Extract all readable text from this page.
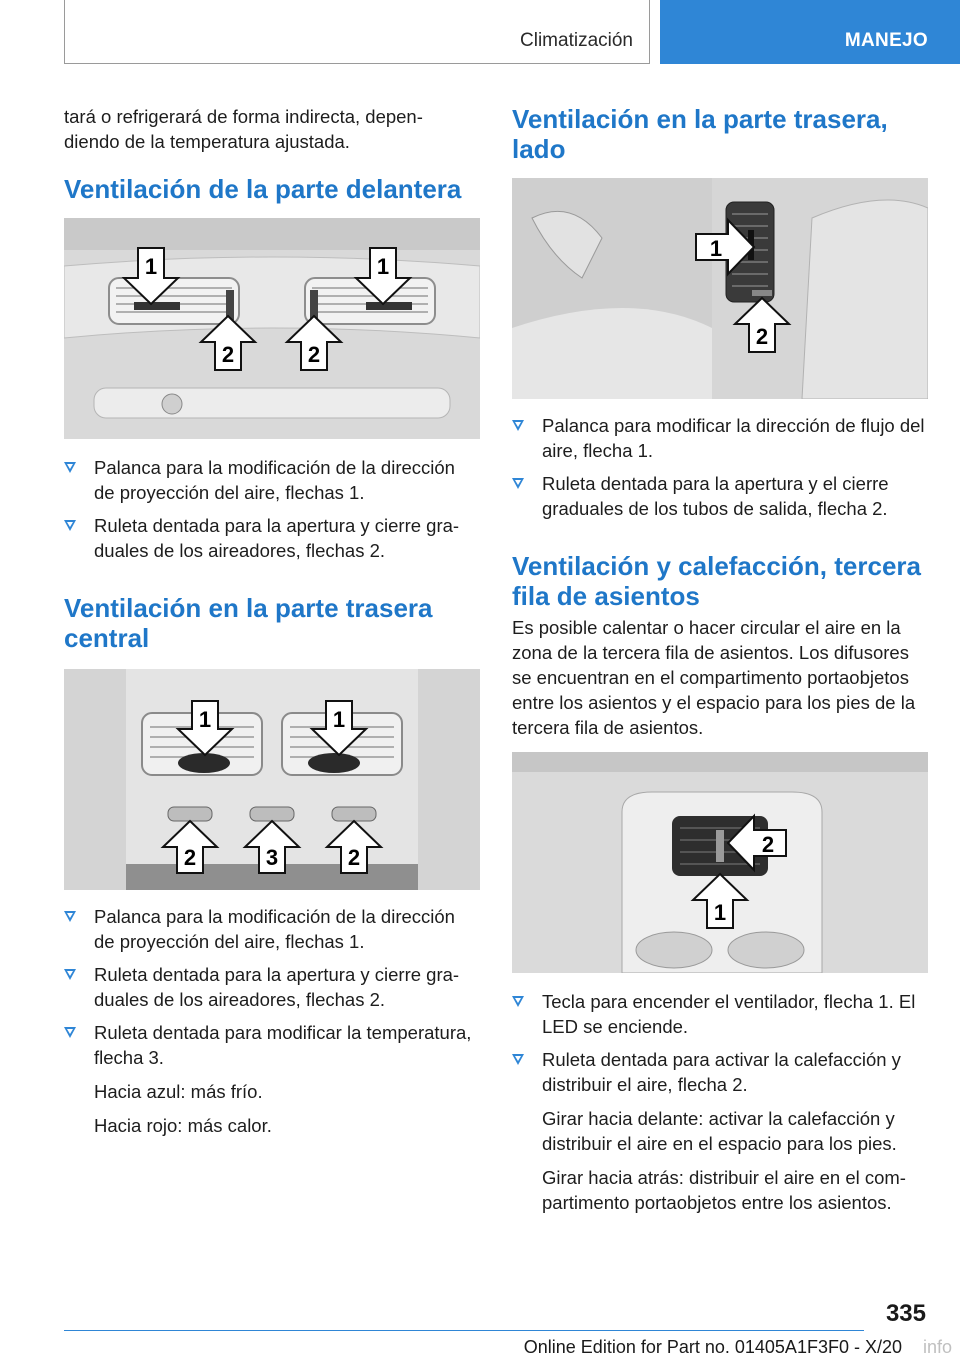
Climatización	MANEJO

tará o refrigerará de forma indirecta, depen-
diendo de la temperatura ajustada.

Ventilación de la parte delantera
1	1
2	2
Palanca para la modificación de la dirección de proyección del aire, flechas 1.
Ruleta dentada para la apertura y cierre gra-
duales de los aireadores, flechas 2.
Ventilación en la parte trasera central
1	1
2	3	2
Palanca para la modificación de la dirección de proyección del aire, flechas 1.
Ruleta dentada para la apertura y cierre gra-
duales de los aireadores, flechas 2.
Ruleta dentada para modificar la temperatura, flecha 3.
Hacia azul: más frío.
Hacia rojo: más calor.
Ventilación en la parte trasera, lado
1
2
Palanca para modificar la dirección de flujo del aire, flecha 1.
Ruleta dentada para la apertura y el cierre graduales de los tubos de salida, flecha 2.
Ventilación y calefacción, tercera fila de asientos

Es posible calentar o hacer circular el aire en la zona de la tercera fila de asientos. Los difusores se encuentran en el compartimento portaobjetos entre los asientos y el espacio para los pies de la tercera fila de asientos.

2
1
Tecla para encender el ventilador, flecha 1. El LED se enciende.
Ruleta dentada para activar la calefacción y distribuir el aire, flecha 2.
Girar hacia delante: activar la calefacción y distribuir el aire en el espacio para los pies.
Girar hacia atrás: distribuir el aire en el com-
partimento portaobjetos entre los asientos.
335
Online Edition for Part no. 01405A1F3F0 - X/20 info
